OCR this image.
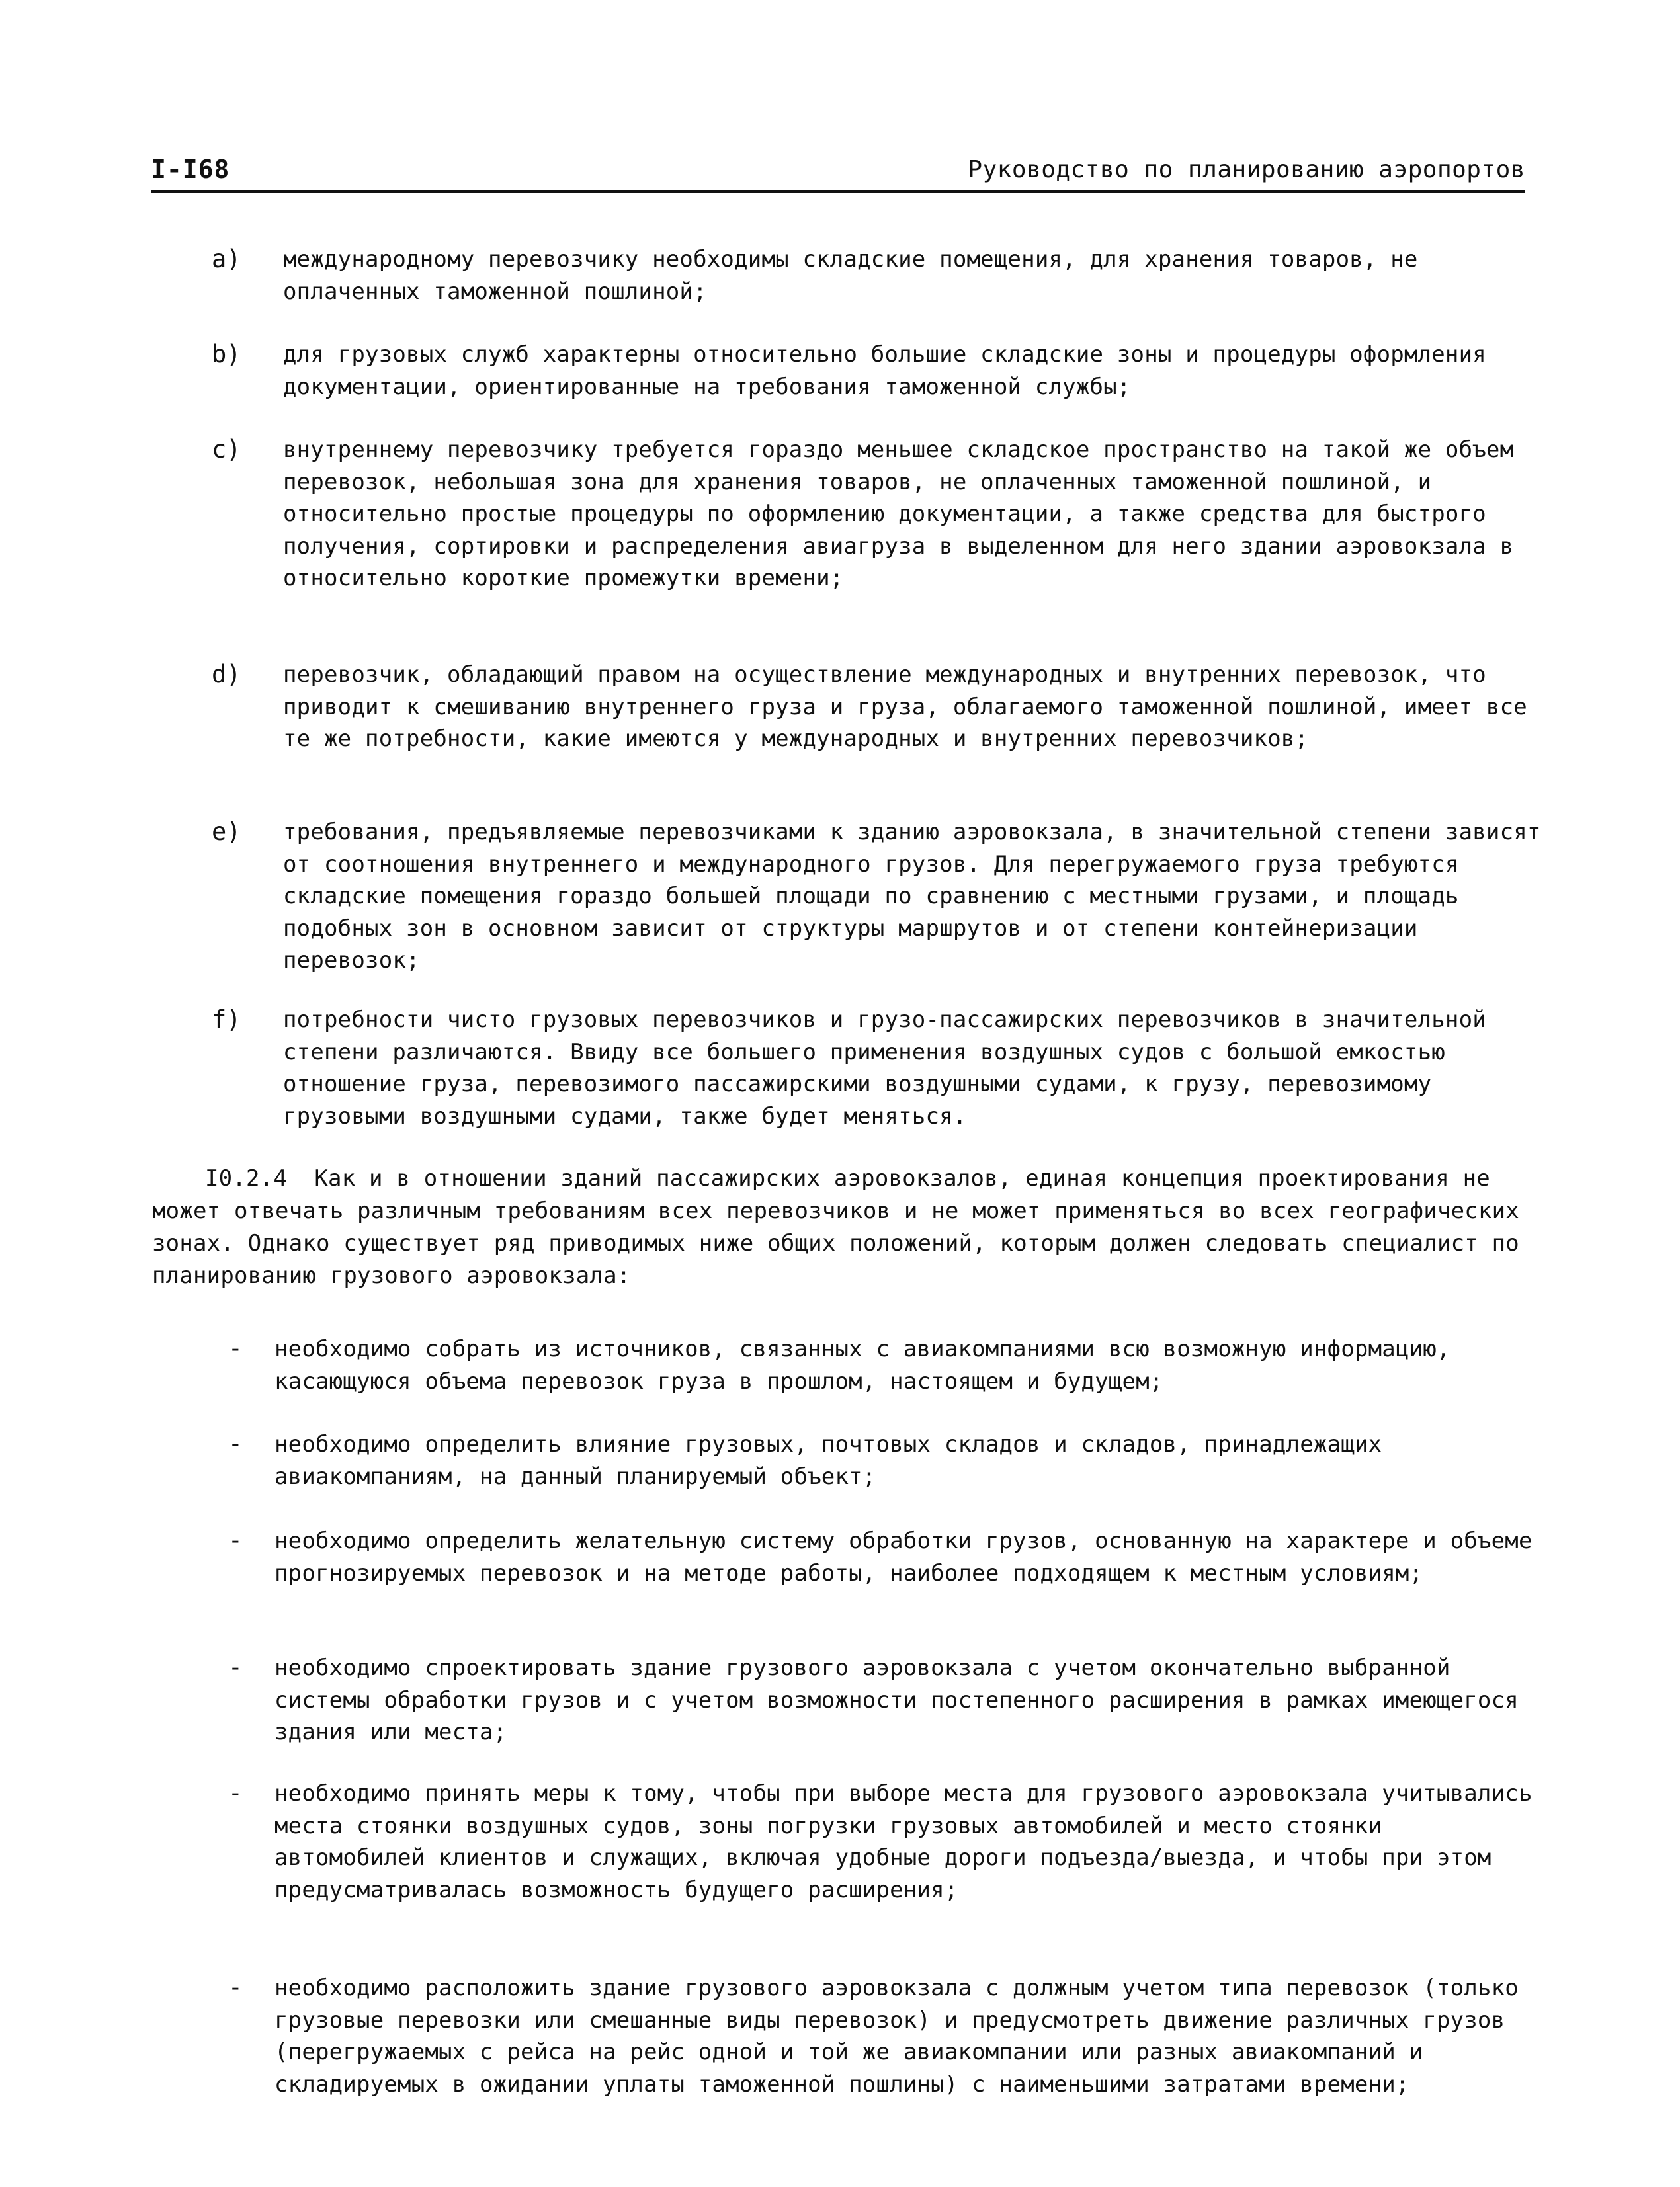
I-I68	Руководство по планированию аэропортов
a) международному перевозчику необходимы складские помещения, для хранения товаров, не оплаченных таможенной пошлиной;
b) для грузовых служб характерны относительно большие складские зоны и процедуры оформления документации, ориентированные на требования таможенной службы;
c) внутреннему перевозчику требуется гораздо меньшее складское пространство на такой же объем перевозок, небольшая зона для хранения товаров, не оплаченных таможенной пошлиной, и относительно простые процедуры по оформлению документации, а также средства для быстрого получения, сортировки и распределения авиагруза в выделенном для него здании аэровокзала в относительно короткие промежутки времени;
d) перевозчик, обладающий правом на осуществление международных и внутренних перевозок, что приводит к смешиванию внутреннего груза и груза, облагаемого таможенной пошлиной, имеет все те же потребности, какие имеются у международных и внутренних перевозчиков;
e) требования, предъявляемые перевозчиками к зданию аэровокзала, в значительной степени зависят от соотношения внутреннего и международного грузов. Для перегружаемого груза требуются складские помещения гораздо большей площади по сравнению с местными грузами, и площадь подобных зон в основном зависит от структуры маршрутов и от степени контейнеризации перевозок;
f) потребности чисто грузовых перевозчиков и грузо-пассажирских перевозчиков в значительной степени различаются. Ввиду все большего применения воздушных судов с большой емкостью отношение груза, перевозимого пассажирскими воздушными судами, к грузу, перевозимому грузовыми воздушными судами, также будет меняться.
I0.2.4 Как и в отношении зданий пассажирских аэровокзалов, единая концепция проектирования не может отвечать различным требованиям всех перевозчиков и не может применяться во всех географических зонах. Однако существует ряд приводимых ниже общих положений, которым должен следовать специалист по планированию грузового аэровокзала:
- необходимо собрать из источников, связанных с авиакомпаниями всю возможную информацию, касающуюся объема перевозок груза в прошлом, настоящем и будущем;
- необходимо определить влияние грузовых, почтовых складов и складов, принадлежащих авиакомпаниям, на данный планируемый объект;
- необходимо определить желательную систему обработки грузов, основанную на характере и объеме прогнозируемых перевозок и на методе работы, наиболее подходящем к местным условиям;
- необходимо спроектировать здание грузового аэровокзала с учетом окончательно выбранной системы обработки грузов и с учетом возможности постепенного расширения в рамках имеющегося здания или места;
- необходимо принять меры к тому, чтобы при выборе места для грузового аэровокзала учитывались места стоянки воздушных судов, зоны погрузки грузовых автомобилей и место стоянки автомобилей клиентов и служащих, включая удобные дороги подъезда/выезда, и чтобы при этом предусматривалась возможность будущего расширения;
- необходимо расположить здание грузового аэровокзала с должным учетом типа перевозок (только грузовые перевозки или смешанные виды перевозок) и предусмотреть движение различных грузов (перегружаемых с рейса на рейс одной и той же авиакомпании или разных авиакомпаний и складируемых в ожидании уплаты таможенной пошлины) с наименьшими затратами времени;
